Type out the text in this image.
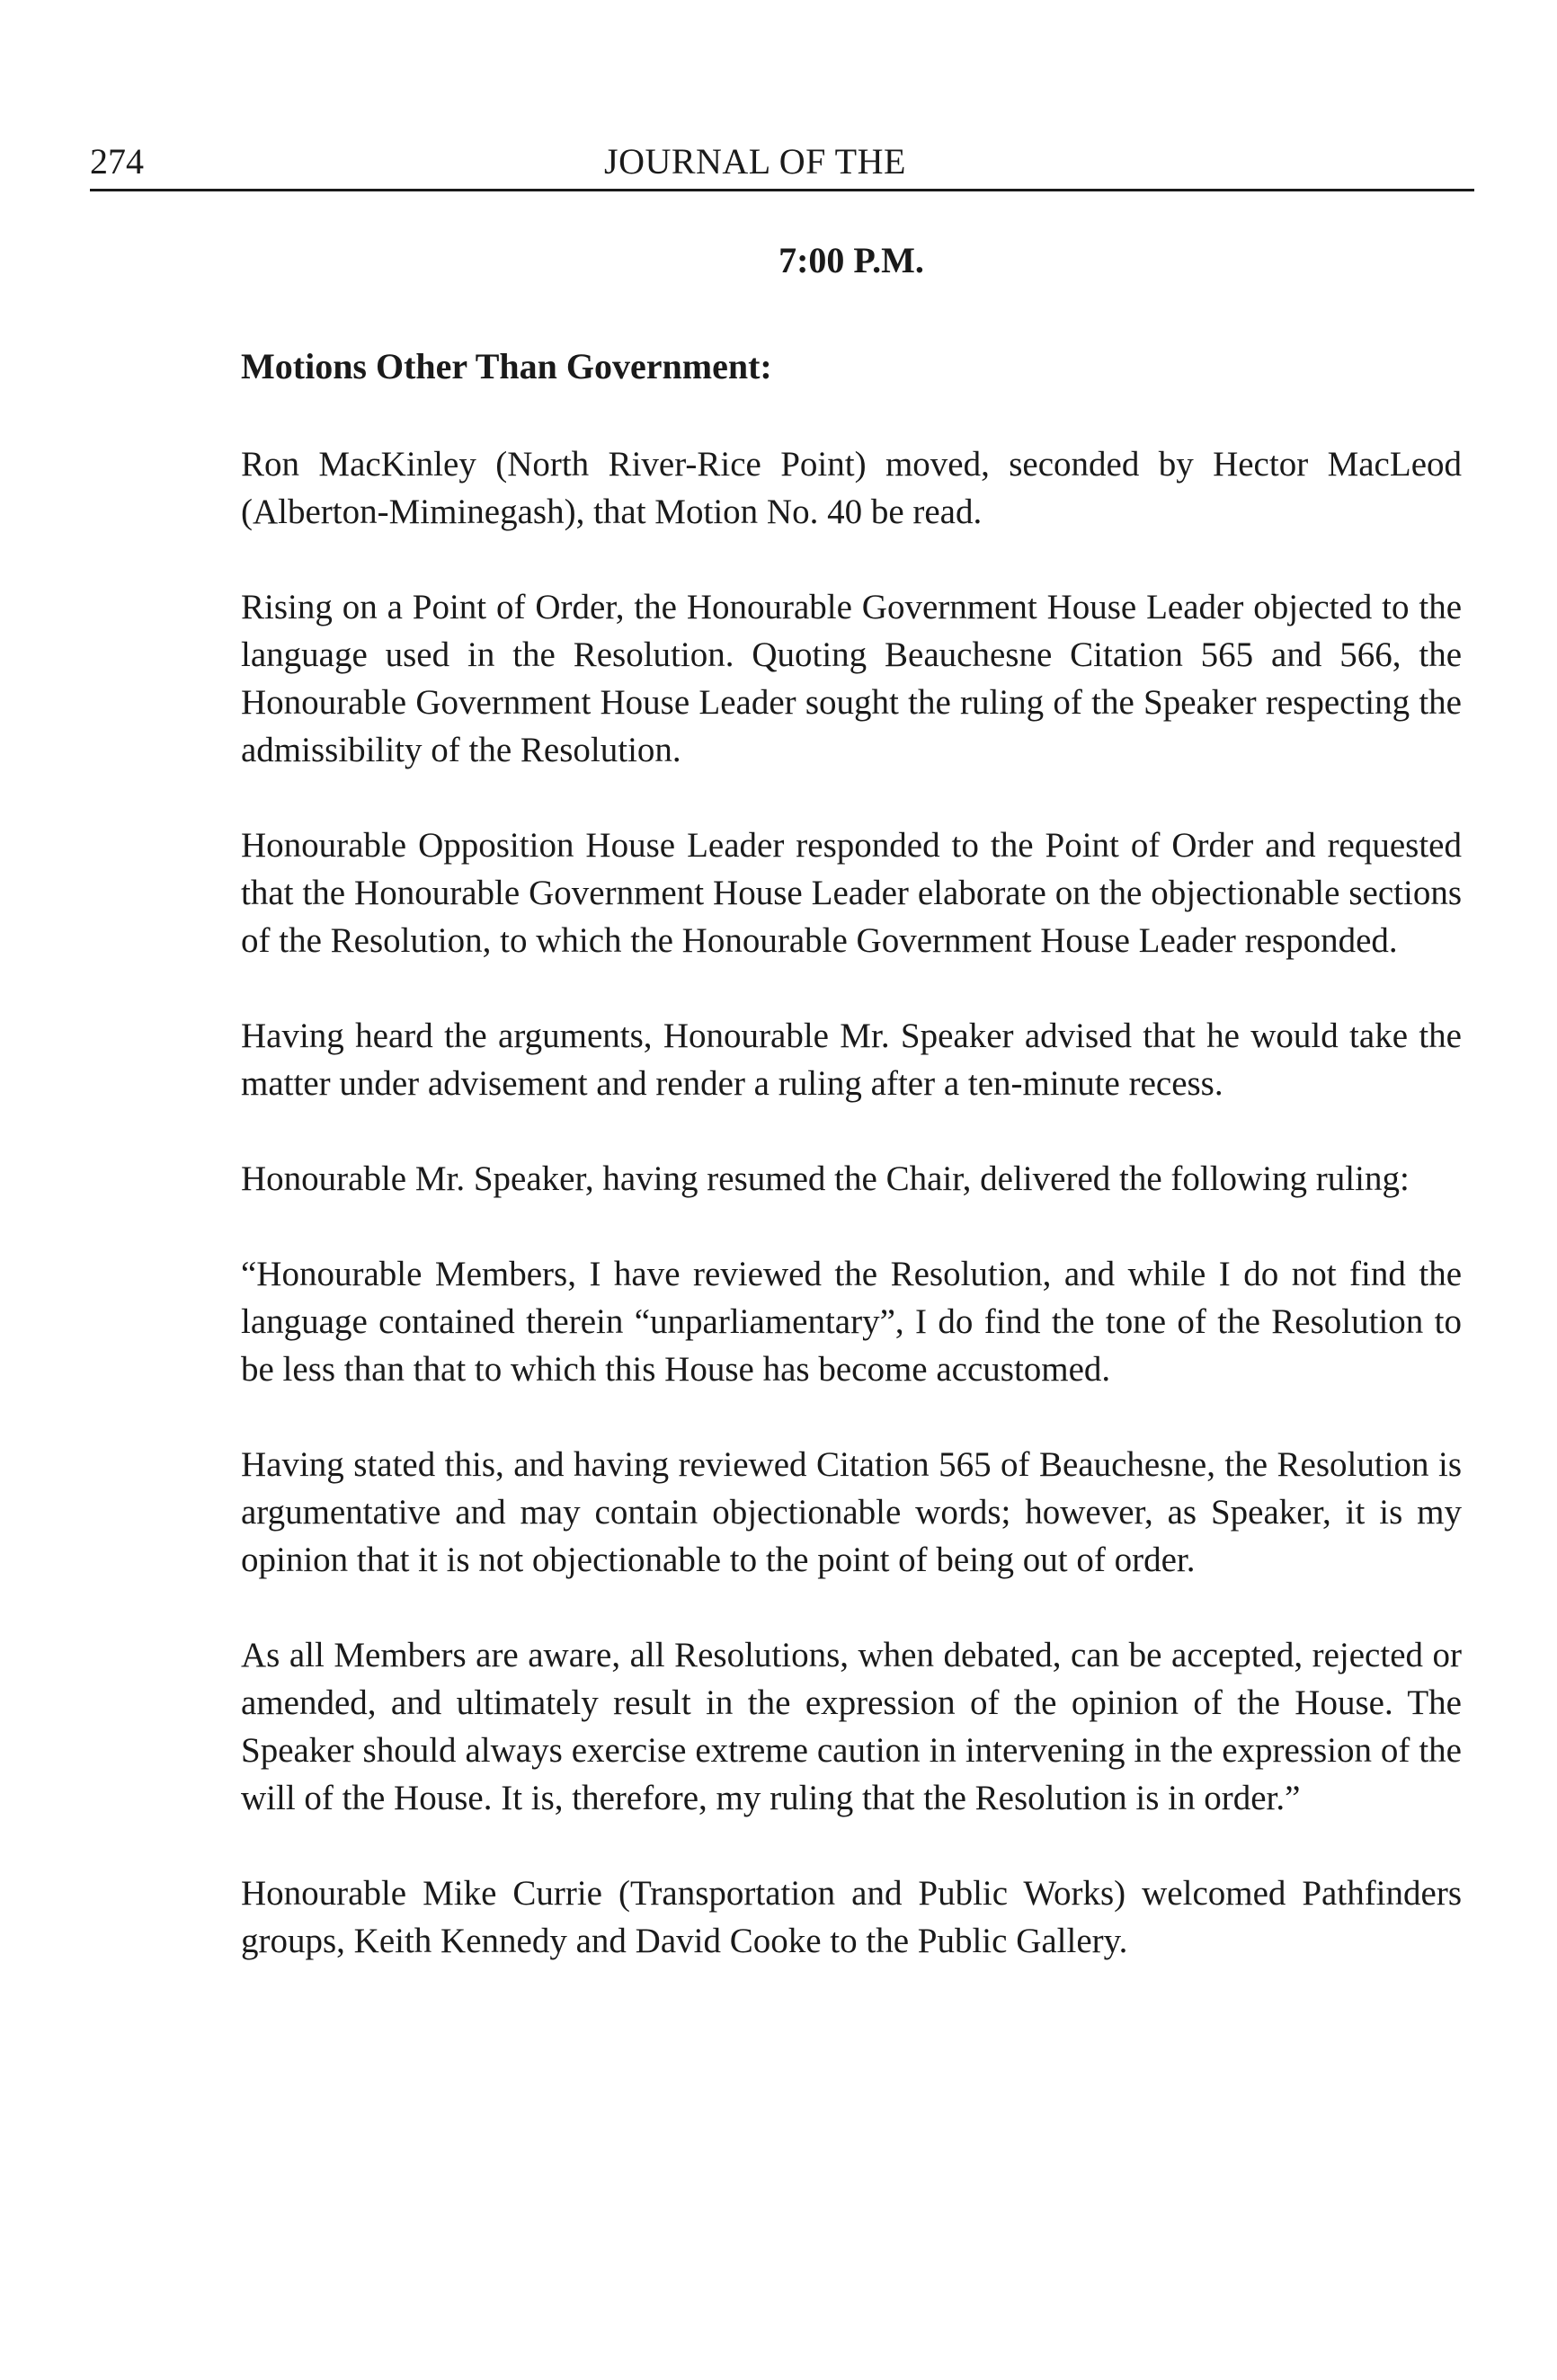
274	JOURNAL OF THE
7:00 P.M.
Motions Other Than Government:

Ron MacKinley (North River-Rice Point) moved, seconded by Hector MacLeod (Alberton-Miminegash), that Motion No. 40 be read.

Rising on a Point of Order, the Honourable Government House Leader objected to the language used in the Resolution. Quoting Beauchesne Citation 565 and 566, the Honourable Government House Leader sought the ruling of the Speaker respecting the admissibility of the Resolution.

Honourable Opposition House Leader responded to the Point of Order and requested that the Honourable Government House Leader elaborate on the objectionable sections of the Resolution, to which the Honourable Government House Leader responded.

Having heard the arguments, Honourable Mr. Speaker advised that he would take the matter under advisement and render a ruling after a ten-minute recess.

Honourable Mr. Speaker, having resumed the Chair, delivered the following ruling:

“Honourable Members, I have reviewed the Resolution, and while I do not find the language contained therein “unparliamentary”, I do find the tone of the Resolution to be less than that to which this House has become accustomed.

Having stated this, and having reviewed Citation 565 of Beauchesne, the Resolution is argumentative and may contain objectionable words; however, as Speaker, it is my opinion that it is not objectionable to the point of being out of order.

As all Members are aware, all Resolutions, when debated, can be accepted, rejected or amended, and ultimately result in the expression of the opinion of the House. The Speaker should always exercise extreme caution in intervening in the expression of the will of the House. It is, therefore, my ruling that the Resolution is in order.”

Honourable Mike Currie (Transportation and Public Works) welcomed Pathfinders groups, Keith Kennedy and David Cooke to the Public Gallery.
